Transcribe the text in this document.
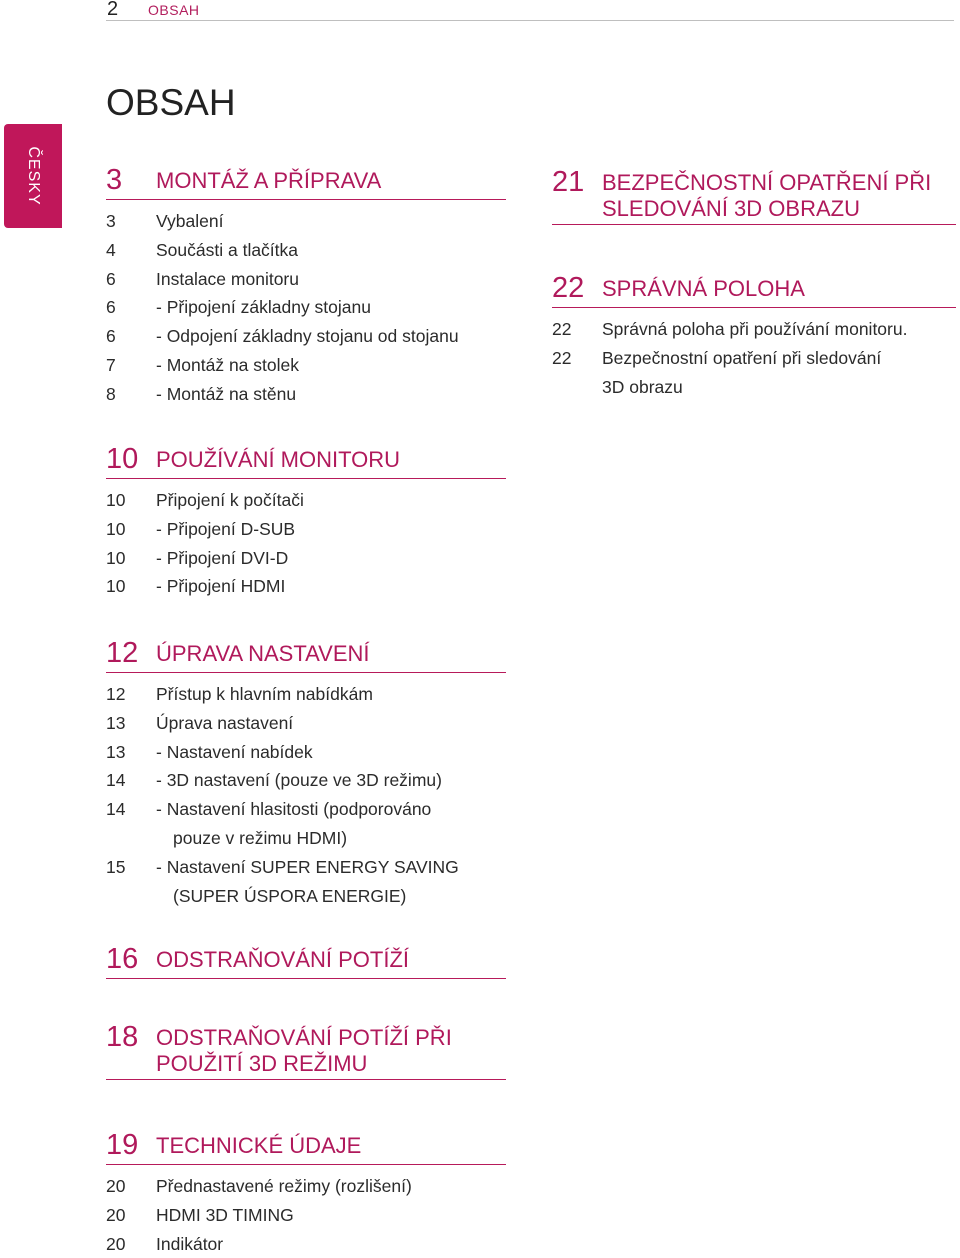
2 OBSAH
OBSAH
ČESKY 3	MONTÁŽ A PŘÍPRAVA
3	Vybalení
4	Součásti a tlačítka
6	Instalace monitoru
6	- Připojení základny stojanu
6	- Odpojení základny stojanu od stojanu
7	- Montáž na stolek
8	- Montáž na stěnu
10 POUŽÍVÁNÍ MONITORU
10	Připojení k počítači
10	- Připojení D-SUB
10	- Připojení DVI-D
10	- Připojení HDMI
12 ÚPRAVA NASTAVENÍ
12	Přístup k hlavním nabídkám
13	Úprava nastavení
13	- Nastavení nabídek
14	- 3D nastavení (pouze ve 3D režimu)
14	- Nastavení hlasitosti (podporováno pouze v režimu HDMI)
15	- Nastavení SUPER ENERGY SAVING (SUPER ÚSPORA ENERGIE)
16 ODSTRAŇOVÁNÍ POTÍŽÍ
18 ODSTRAŇOVÁNÍ POTÍŽÍ PŘI POUŽITÍ 3D REŽIMU
19 TECHNICKÉ ÚDAJE
20	Přednastavené režimy (rozlišení)
20	HDMI 3D TIMING
20	Indikátor
21 BEZPEČNOSTNÍ OPATŘENÍ PŘI SLEDOVÁNÍ 3D OBRAZU
22 SPRÁVNÁ POLOHA
22	Správná poloha při používání monitoru.
22	Bezpečnostní opatření při sledování 3D obrazu
